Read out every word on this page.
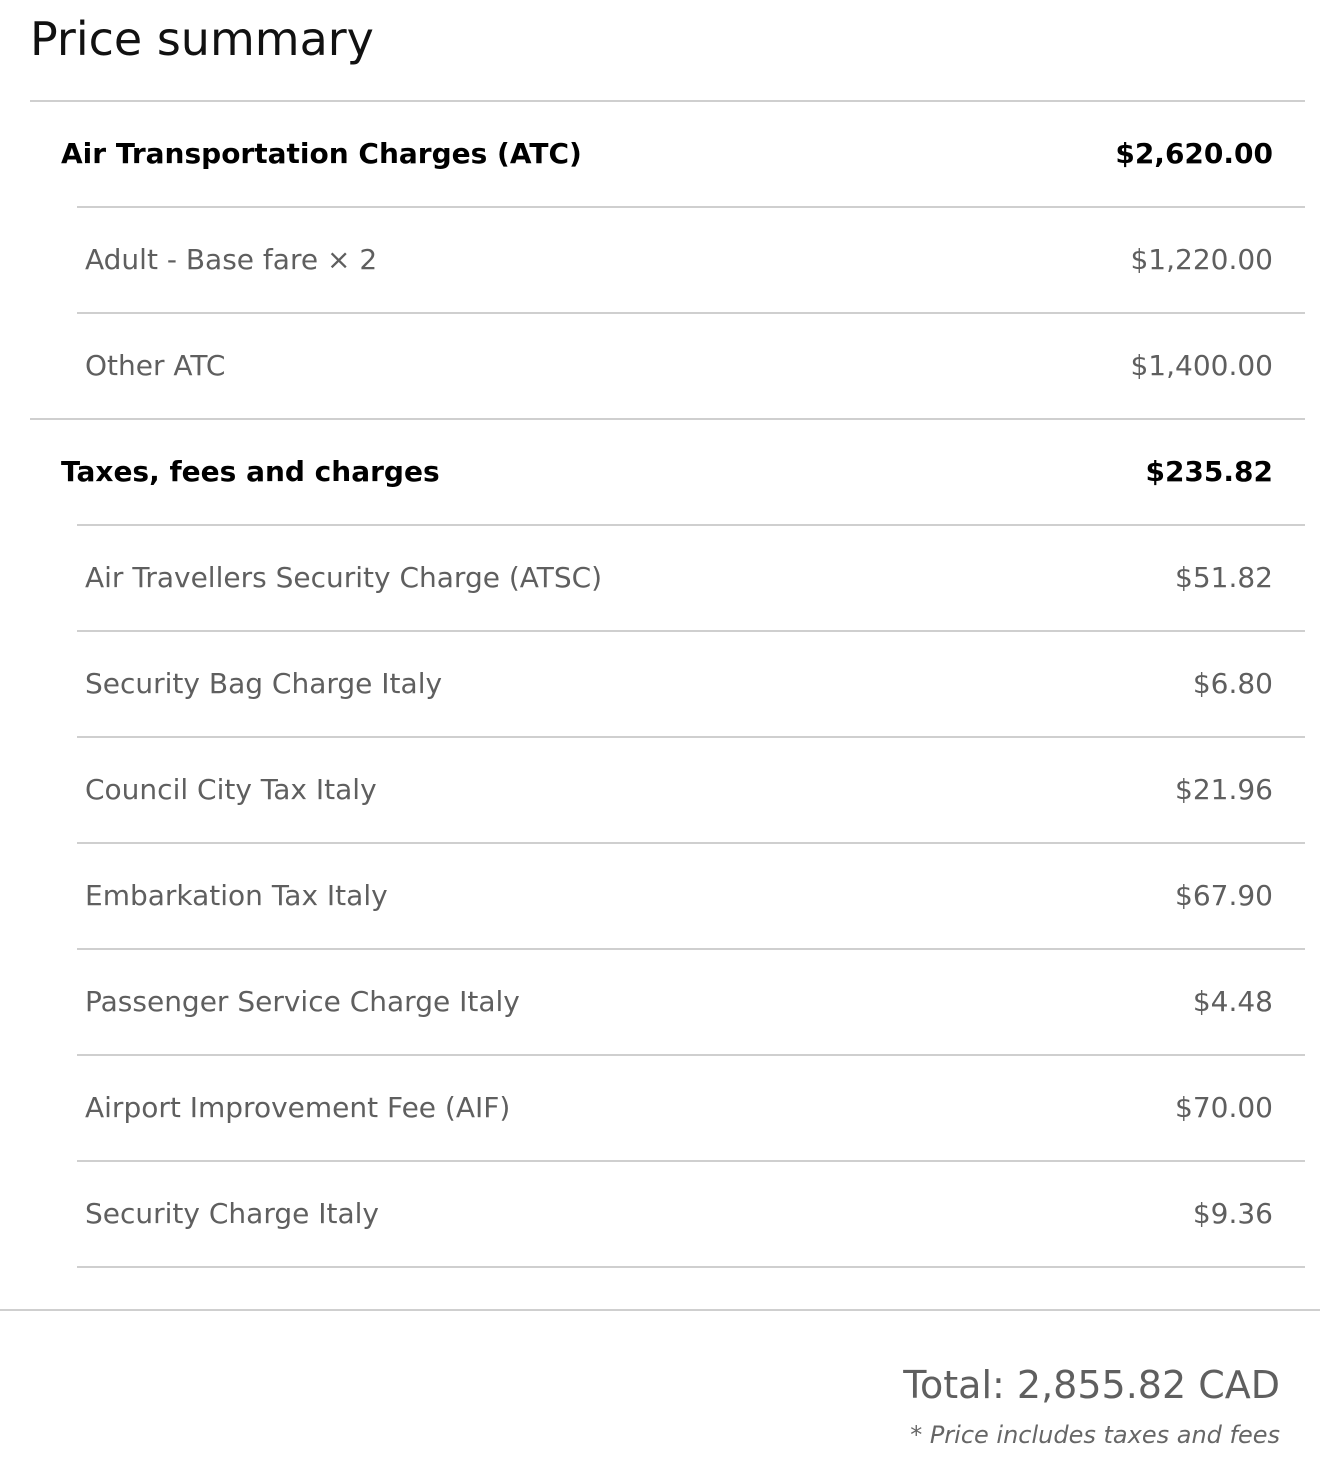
Price summary
Air Transportation Charges (ATC)	$2,620.00
Adult - Base fare × 2	$1,220.00
Other ATC	$1,400.00
Taxes, fees and charges	$235.82
Air Travellers Security Charge (ATSC)	$51.82
Security Bag Charge Italy	$6.80
Council City Tax Italy	$21.96
Embarkation Tax Italy	$67.90
Passenger Service Charge Italy	$4.48
Airport Improvement Fee (AIF)	$70.00
Security Charge Italy	$9.36
Total: 2,855.82 CAD
* Price includes taxes and fees
